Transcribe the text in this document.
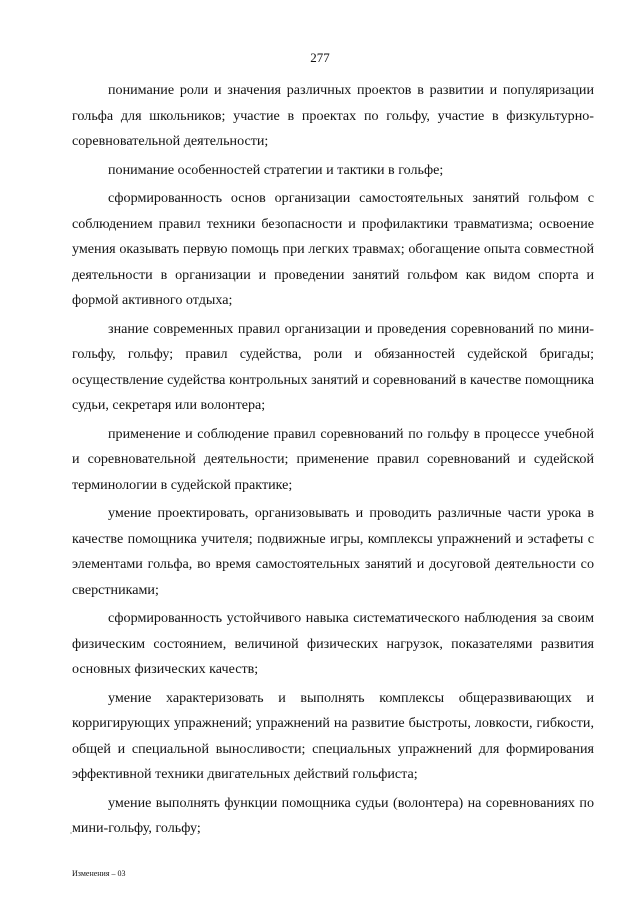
277

понимание роли и значения различных проектов в развитии и популяризации гольфа для школьников; участие в проектах по гольфу, участие в физкультурно-соревновательной деятельности;

понимание особенностей стратегии и тактики в гольфе;

сформированность основ организации самостоятельных занятий гольфом с соблюдением правил техники безопасности и профилактики травматизма; освоение умения оказывать первую помощь при легких травмах; обогащение опыта совместной деятельности в организации и проведении занятий гольфом как видом спорта и формой активного отдыха;

знание современных правил организации и проведения соревнований по мини-гольфу, гольфу; правил судейства, роли и обязанностей судейской бригады; осуществление судейства контрольных занятий и соревнований в качестве помощника судьи, секретаря или волонтера;

применение и соблюдение правил соревнований по гольфу в процессе учебной и соревновательной деятельности; применение правил соревнований и судейской терминологии в судейской практике;

умение проектировать, организовывать и проводить различные части урока в качестве помощника учителя; подвижные игры, комплексы упражнений и эстафеты с элементами гольфа, во время самостоятельных занятий и досуговой деятельности со сверстниками;

сформированность устойчивого навыка систематического наблюдения за своим физическим состоянием, величиной физических нагрузок, показателями развития основных физических качеств;

умение характеризовать и выполнять комплексы общеразвивающих и корригирующих упражнений; упражнений на развитие быстроты, ловкости, гибкости, общей и специальной выносливости; специальных упражнений для формирования эффективной техники двигательных действий гольфиста;

умение выполнять функции помощника судьи (волонтера) на соревнованиях по мини-гольфу, гольфу;

Изменения – 03
